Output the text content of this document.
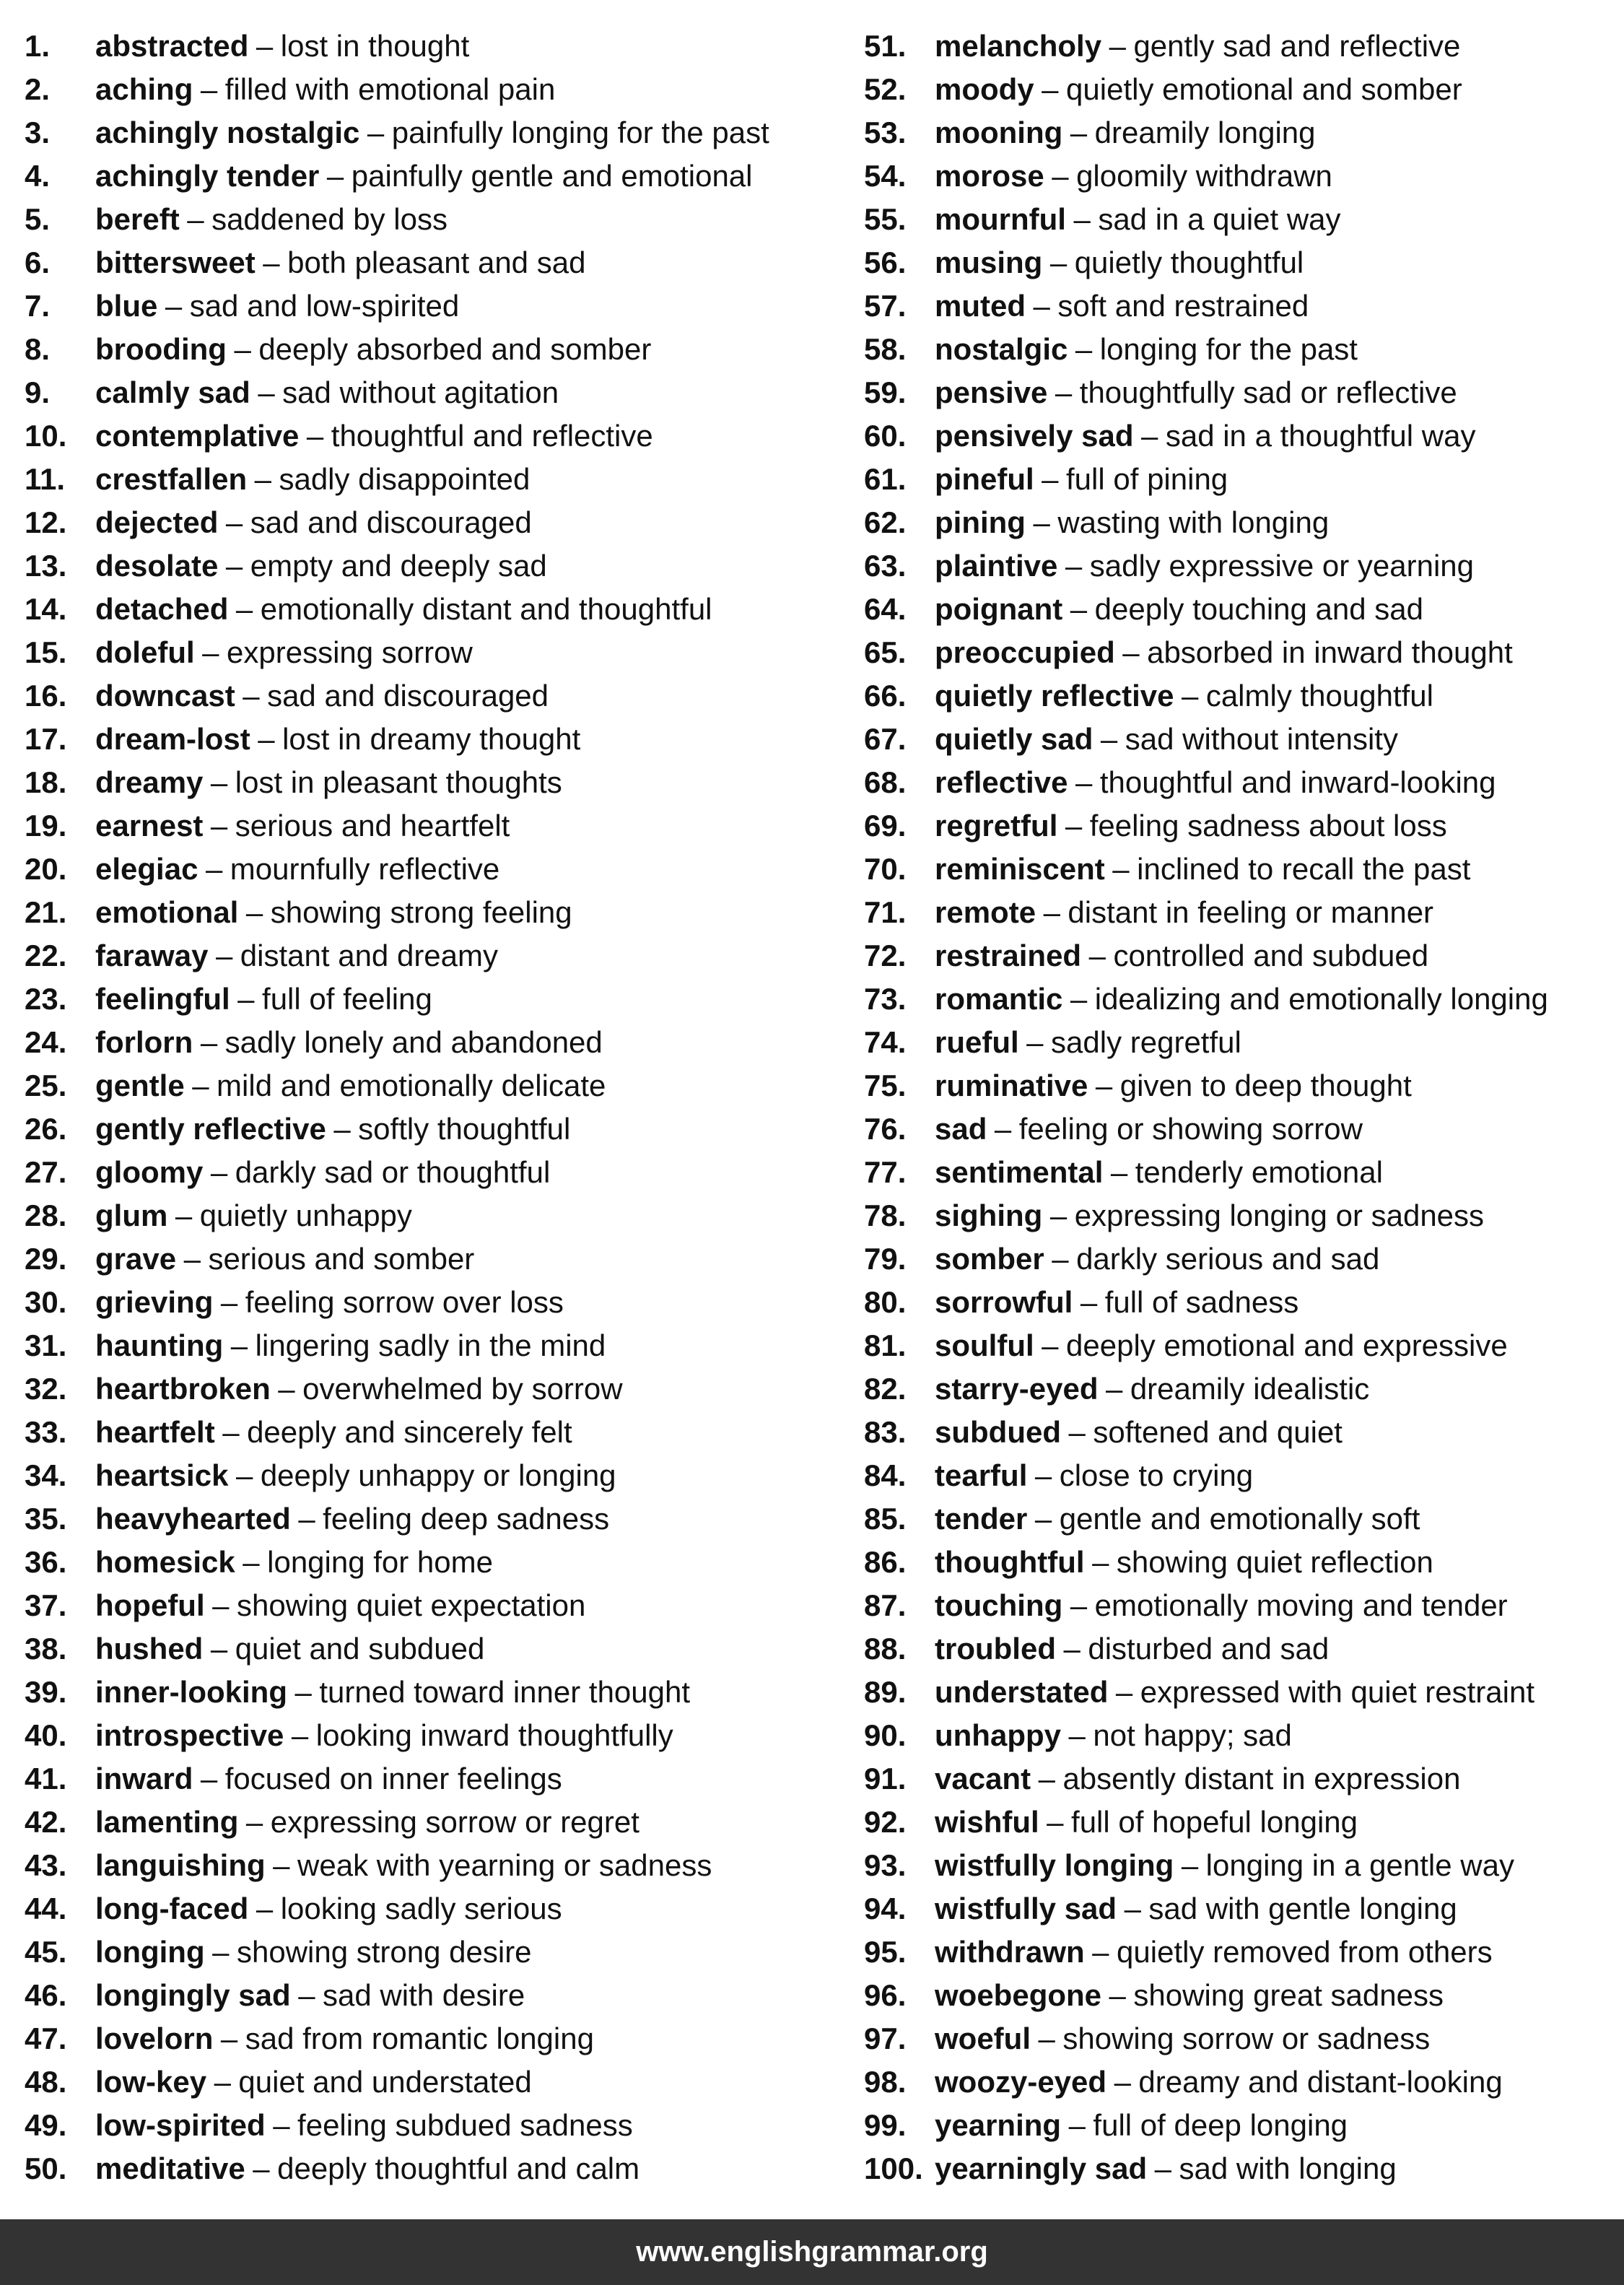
1.	abstracted – lost in thought
2.	aching – filled with emotional pain
3.	achingly nostalgic – painfully longing for the past
4.	achingly tender – painfully gentle and emotional
5.	bereft – saddened by loss
6.	bittersweet – both pleasant and sad
7.	blue – sad and low-spirited
8.	brooding – deeply absorbed and somber
9.	calmly sad – sad without agitation
10. contemplative – thoughtful and reflective
11. crestfallen – sadly disappointed
12. dejected – sad and discouraged
13. desolate – empty and deeply sad
14. detached – emotionally distant and thoughtful
15. doleful – expressing sorrow
16. downcast – sad and discouraged
17. dream-lost – lost in dreamy thought
18. dreamy – lost in pleasant thoughts
19. earnest – serious and heartfelt
20. elegiac – mournfully reflective
21. emotional – showing strong feeling
22. faraway – distant and dreamy
23. feelingful – full of feeling
24. forlorn – sadly lonely and abandoned
25. gentle – mild and emotionally delicate
26. gently reflective – softly thoughtful
27. gloomy – darkly sad or thoughtful
28. glum – quietly unhappy
29. grave – serious and somber
30. grieving – feeling sorrow over loss
31. haunting – lingering sadly in the mind
32. heartbroken – overwhelmed by sorrow
33. heartfelt – deeply and sincerely felt
34. heartsick – deeply unhappy or longing
35. heavyhearted – feeling deep sadness
36. homesick – longing for home
37. hopeful – showing quiet expectation
38. hushed – quiet and subdued
39. inner-looking – turned toward inner thought
40. introspective – looking inward thoughtfully
41. inward – focused on inner feelings
42. lamenting – expressing sorrow or regret
43. languishing – weak with yearning or sadness
44. long-faced – looking sadly serious
45. longing – showing strong desire
46. longingly sad – sad with desire
47. lovelorn – sad from romantic longing
48. low-key – quiet and understated
49. low-spirited – feeling subdued sadness
50. meditative – deeply thoughtful and calm
51. melancholy – gently sad and reflective
52. moody – quietly emotional and somber
53. mooning – dreamily longing
54. morose – gloomily withdrawn
55. mournful – sad in a quiet way
56. musing – quietly thoughtful
57. muted – soft and restrained
58. nostalgic – longing for the past
59. pensive – thoughtfully sad or reflective
60. pensively sad – sad in a thoughtful way
61. pineful – full of pining
62. pining – wasting with longing
63. plaintive – sadly expressive or yearning
64. poignant – deeply touching and sad
65. preoccupied – absorbed in inward thought
66. quietly reflective – calmly thoughtful
67. quietly sad – sad without intensity
68. reflective – thoughtful and inward-looking
69. regretful – feeling sadness about loss
70. reminiscent – inclined to recall the past
71. remote – distant in feeling or manner
72. restrained – controlled and subdued
73. romantic – idealizing and emotionally longing
74. rueful – sadly regretful
75. ruminative – given to deep thought
76. sad – feeling or showing sorrow
77. sentimental – tenderly emotional
78. sighing – expressing longing or sadness
79. somber – darkly serious and sad
80. sorrowful – full of sadness
81. soulful – deeply emotional and expressive
82. starry-eyed – dreamily idealistic
83. subdued – softened and quiet
84. tearful – close to crying
85. tender – gentle and emotionally soft
86. thoughtful – showing quiet reflection
87. touching – emotionally moving and tender
88. troubled – disturbed and sad
89. understated – expressed with quiet restraint
90. unhappy – not happy; sad
91. vacant – absently distant in expression
92. wishful – full of hopeful longing
93. wistfully longing – longing in a gentle way
94. wistfully sad – sad with gentle longing
95. withdrawn – quietly removed from others
96. woebegone – showing great sadness
97. woeful – showing sorrow or sadness
98. woozy-eyed – dreamy and distant-looking
99. yearning – full of deep longing
100. yearningly sad – sad with longing
www.englishgrammar.org
